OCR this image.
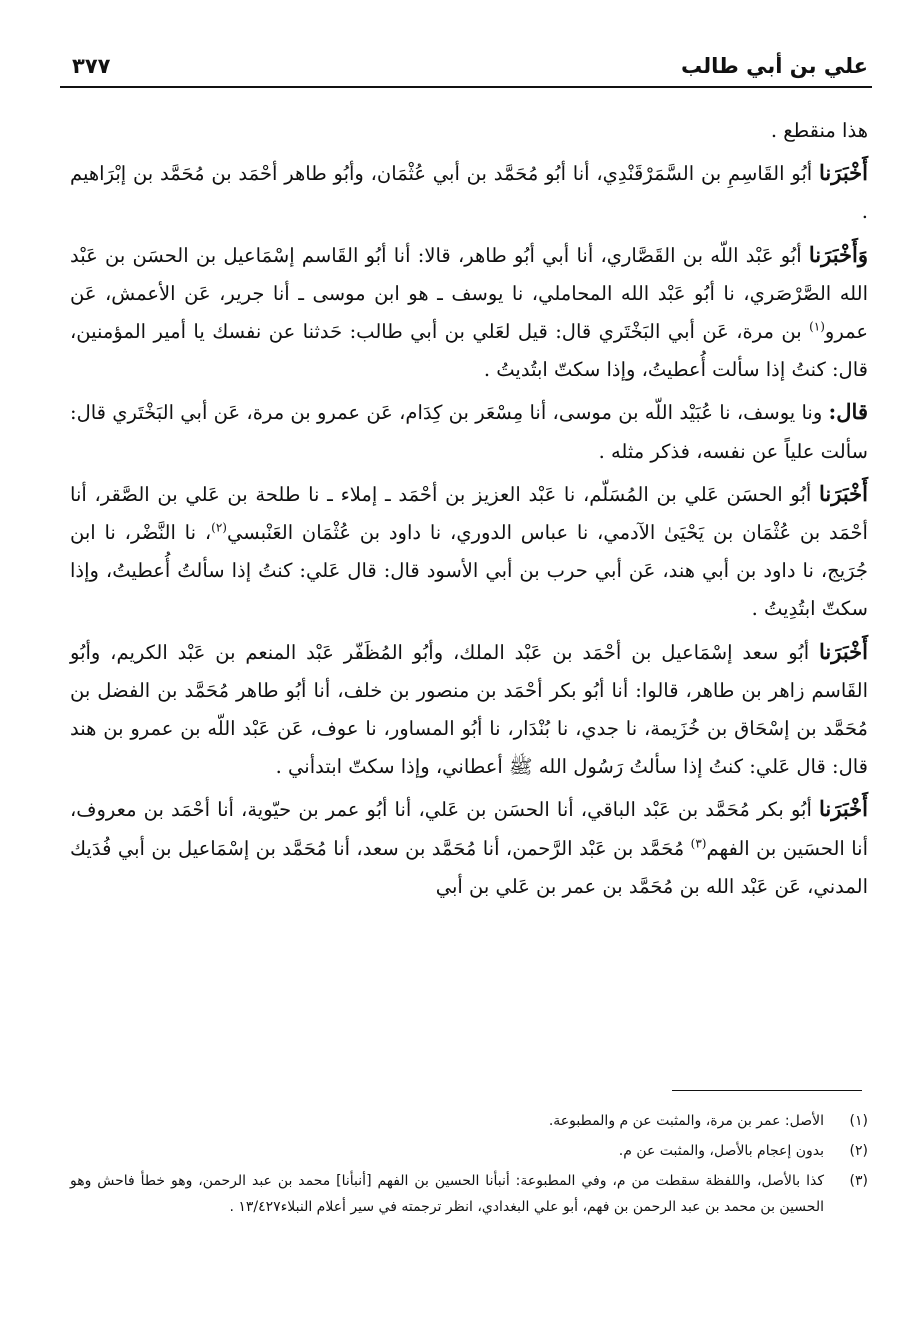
علي بن أبي طالب
٣٧٧

هذا منقطع .

أَخْبَرَنا أبُو القَاسِمِ بن السَّمَرْقَنْدِي، أنا أبُو مُحَمَّد بن أبي عُثْمَان، وأبُو طاهر أحْمَد بن مُحَمَّد بن إبْرَاهيم .

وَأَخْبَرَنا أبُو عَبْد اللّه بن القَصَّاري، أنا أبي أبُو طاهر، قالا: أنا أبُو القَاسم إسْمَاعيل بن الحسَن بن عَبْد الله الصَّرْصَري، نا أبُو عَبْد الله المحاملي، نا يوسف ـ هو ابن موسى ـ أنا جرير، عَن الأعمش، عَن عمرو$^{(١)}$ بن مرة، عَن أبي البَخْتَري قال: قيل لعَلي بن أبي طالب: حَدثنا عن نفسك يا أمير المؤمنين، قال: كنتُ إذا سألت أُعطيتُ، وإذا سكتّ ابتُديتُ .

قال: ونا يوسف، نا عُبَيْد اللّه بن موسى، أنا مِسْعَر بن كِدَام، عَن عمرو بن مرة، عَن أبي البَخْتَري قال: سألت علياً عن نفسه، فذكر مثله .

أَخْبَرَنا أبُو الحسَن عَلي بن المُسَلّم، نا عَبْد العزيز بن أحْمَد ـ إملاء ـ نا طلحة بن عَلي بن الصَّقر، أنا أحْمَد بن عُثْمَان بن يَحْيَىٰ الآدمي، نا عباس الدوري، نا داود بن عُثْمَان العَنْبسي$^{(٢)}$، نا النَّضْر، نا ابن جُرَيج، نا داود بن أبي هند، عَن أبي حرب بن أبي الأسود قال: قال عَلي: كنتُ إذا سألتُ أُعطيتُ، وإذا سكتّ ابتُدِيتُ .

أَخْبَرَنا أبُو سعد إسْمَاعيل بن أحْمَد بن عَبْد الملك، وأبُو المُظَفّر عَبْد المنعم بن عَبْد الكريم، وأبُو القَاسم زاهر بن طاهر، قالوا: أنا أبُو بكر أحْمَد بن منصور بن خلف، أنا أبُو طاهر مُحَمَّد بن الفضل بن مُحَمَّد بن إسْحَاق بن خُزَيمة، نا جدي، نا بُنْدَار، نا أبُو المساور، نا عوف، عَن عَبْد اللّه بن عمرو بن هند قال: قال عَلي: كنتُ إذا سألتُ رَسُول الله ﷺ أعطاني، وإذا سكتّ ابتدأني .

أَخْبَرَنا أبُو بكر مُحَمَّد بن عَبْد الباقي، أنا الحسَن بن عَلي، أنا أبُو عمر بن حيّوية، أنا أحْمَد بن معروف، أنا الحسَين بن الفهم$^{(٣)}$ مُحَمَّد بن عَبْد الرَّحمن، أنا مُحَمَّد بن سعد، أنا مُحَمَّد بن إسْمَاعيل بن أبي فُدَيك المدني، عَن عَبْد الله بن مُحَمَّد بن عمر بن عَلي بن أبي

(١)
الأصل: عمر بن مرة، والمثبت عن م والمطبوعة.
(٢)
بدون إعجام بالأصل، والمثبت عن م.
(٣)
كذا بالأصل، واللفظة سقطت من م، وفي المطبوعة: أنبأنا الحسين بن الفهم [أنبأنا] محمد بن عبد الرحمن، وهو خطأ فاحش وهو الحسين بن محمد بن عبد الرحمن بن فهم، أبو علي البغدادي، انظر ترجمته في سير أعلام النبلاء١٣/٤٢٧ .
